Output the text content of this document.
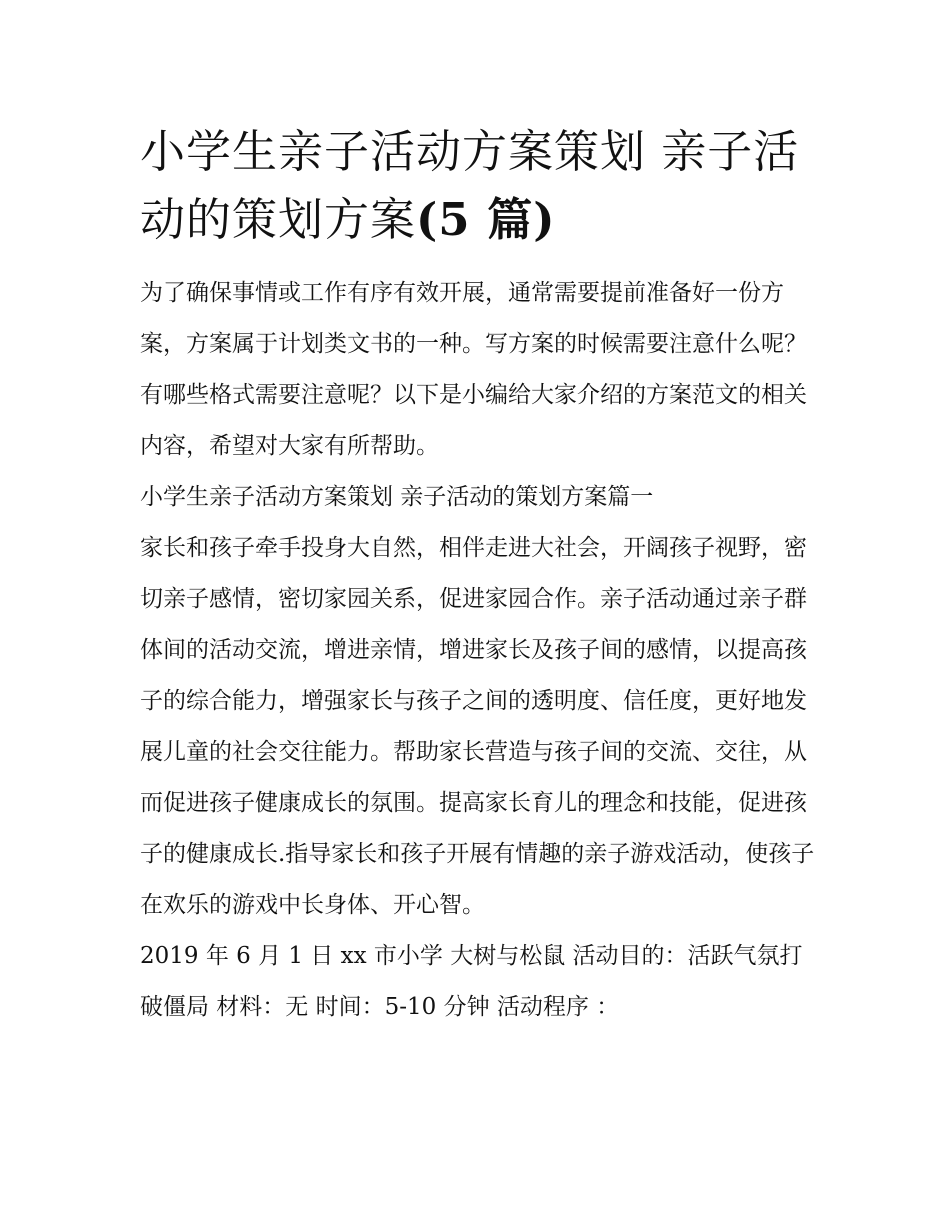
小学生亲子活动方案策划 亲子活动的策划方案(5 篇)

为了确保事情或工作有序有效开展，通常需要提前准备好一份方案，方案属于计划类文书的一种。写方案的时候需要注意什么呢？有哪些格式需要注意呢？以下是小编给大家介绍的方案范文的相关内容，希望对大家有所帮助。

小学生亲子活动方案策划 亲子活动的策划方案篇一

家长和孩子牵手投身大自然，相伴走进大社会，开阔孩子视野，密切亲子感情，密切家园关系，促进家园合作。亲子活动通过亲子群体间的活动交流，增进亲情，增进家长及孩子间的感情，以提高孩子的综合能力，增强家长与孩子之间的透明度、信任度，更好地发展儿童的社会交往能力。帮助家长营造与孩子间的交流、交往，从而促进孩子健康成长的氛围。提高家长育儿的理念和技能，促进孩子的健康成长.指导家长和孩子开展有情趣的亲子游戏活动，使孩子在欢乐的游戏中长身体、开心智。

2019 年 6 月 1 日 xx 市小学 大树与松鼠 活动目的：活跃气氛打破僵局 材料：无 时间：5-10 分钟 活动程序 ：
